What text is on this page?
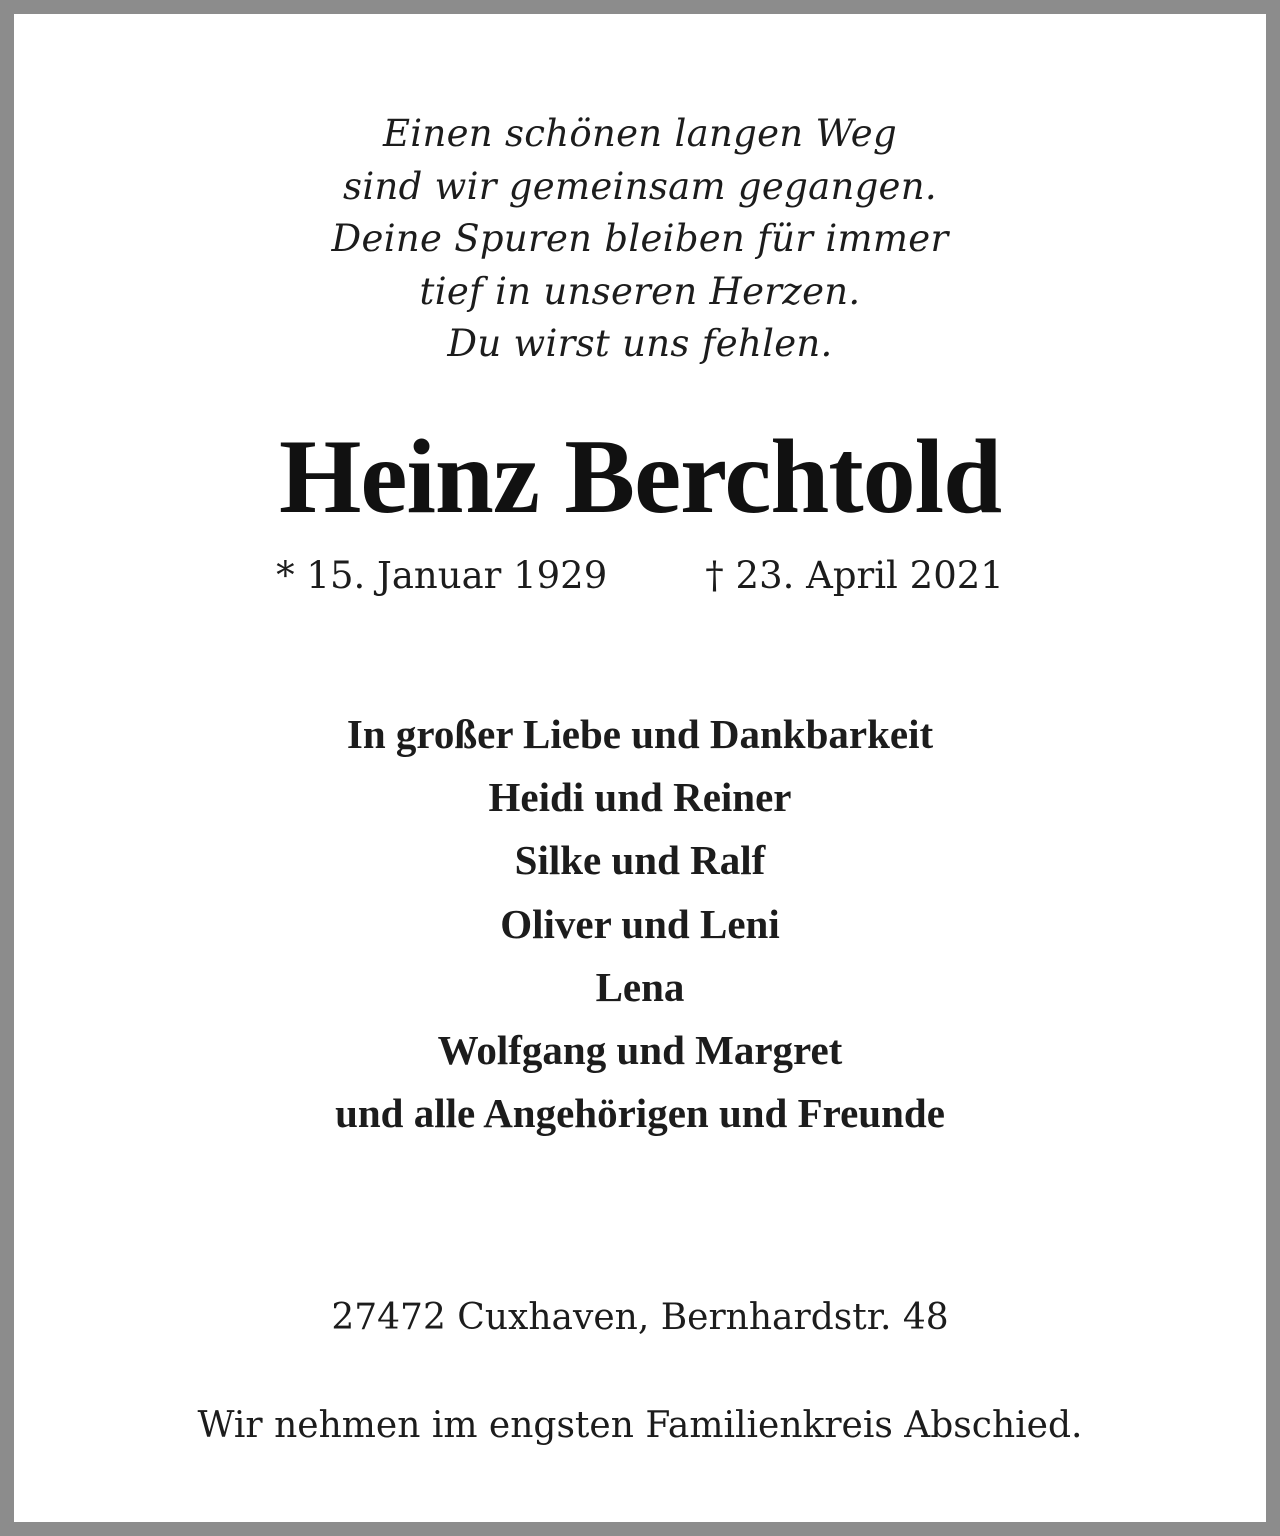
Einen schönen langen Weg
sind wir gemeinsam gegangen.
Deine Spuren bleiben für immer
tief in unseren Herzen.
Du wirst uns fehlen.
Heinz Berchtold
* 15. Januar 1929	† 23. April 2021
In großer Liebe und Dankbarkeit
Heidi und Reiner
Silke und Ralf
Oliver und Leni
Lena
Wolfgang und Margret
und alle Angehörigen und Freunde
27472 Cuxhaven, Bernhardstr. 48
Wir nehmen im engsten Familienkreis Abschied.
